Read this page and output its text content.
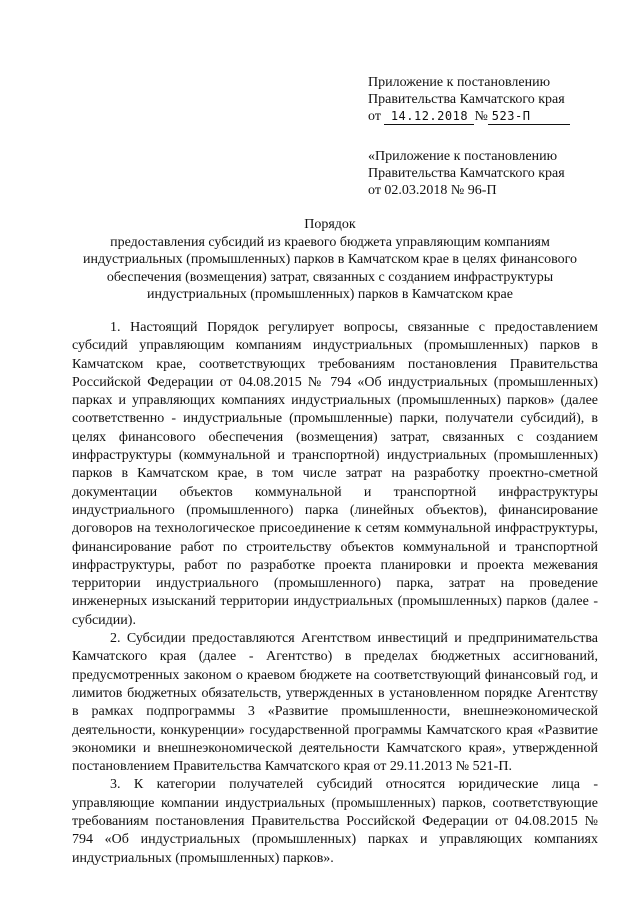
Приложение к постановлению
Правительства Камчатского края
от 14.12.2018 № 523-П
«Приложение к постановлению
Правительства Камчатского края
от 02.03.2018 № 96-П
Порядок
предоставления субсидий из краевого бюджета управляющим компаниям индустриальных (промышленных) парков в Камчатском крае в целях финансового обеспечения (возмещения) затрат, связанных с созданием инфраструктуры индустриальных (промышленных) парков в Камчатском крае

1. Настоящий Порядок регулирует вопросы, связанные с предоставлением субсидий управляющим компаниям индустриальных (промышленных) парков в Камчатском крае, соответствующих требованиям постановления Правительства Российской Федерации от 04.08.2015 № 794 «Об индустриальных (промышленных) парках и управляющих компаниях индустриальных (промышленных) парков» (далее соответственно - индустриальные (промышленные) парки, получатели субсидий), в целях финансового обеспечения (возмещения) затрат, связанных с созданием инфраструктуры (коммунальной и транспортной) индустриальных (промышленных) парков в Камчатском крае, в том числе затрат на разработку проектно-сметной документации объектов коммунальной и транспортной инфраструктуры индустриального (промышленного) парка (линейных объектов), финансирование договоров на технологическое присоединение к сетям коммунальной инфраструктуры, финансирование работ по строительству объектов коммунальной и транспортной инфраструктуры, работ по разработке проекта планировки и проекта межевания территории индустриального (промышленного) парка, затрат на проведение инженерных изысканий территории индустриальных (промышленных) парков (далее - субсидии).

2. Субсидии предоставляются Агентством инвестиций и предпринимательства Камчатского края (далее - Агентство) в пределах бюджетных ассигнований, предусмотренных законом о краевом бюджете на соответствующий финансовый год, и лимитов бюджетных обязательств, утвержденных в установленном порядке Агентству в рамках подпрограммы 3 «Развитие промышленности, внешнеэкономической деятельности, конкуренции» государственной программы Камчатского края «Развитие экономики и внешнеэкономической деятельности Камчатского края», утвержденной постановлением Правительства Камчатского края от 29.11.2013 № 521-П.

3. К категории получателей субсидий относятся юридические лица - управляющие компании индустриальных (промышленных) парков, соответствующие требованиям постановления Правительства Российской Федерации от 04.08.2015 № 794 «Об индустриальных (промышленных) парках и управляющих компаниях индустриальных (промышленных) парков».
